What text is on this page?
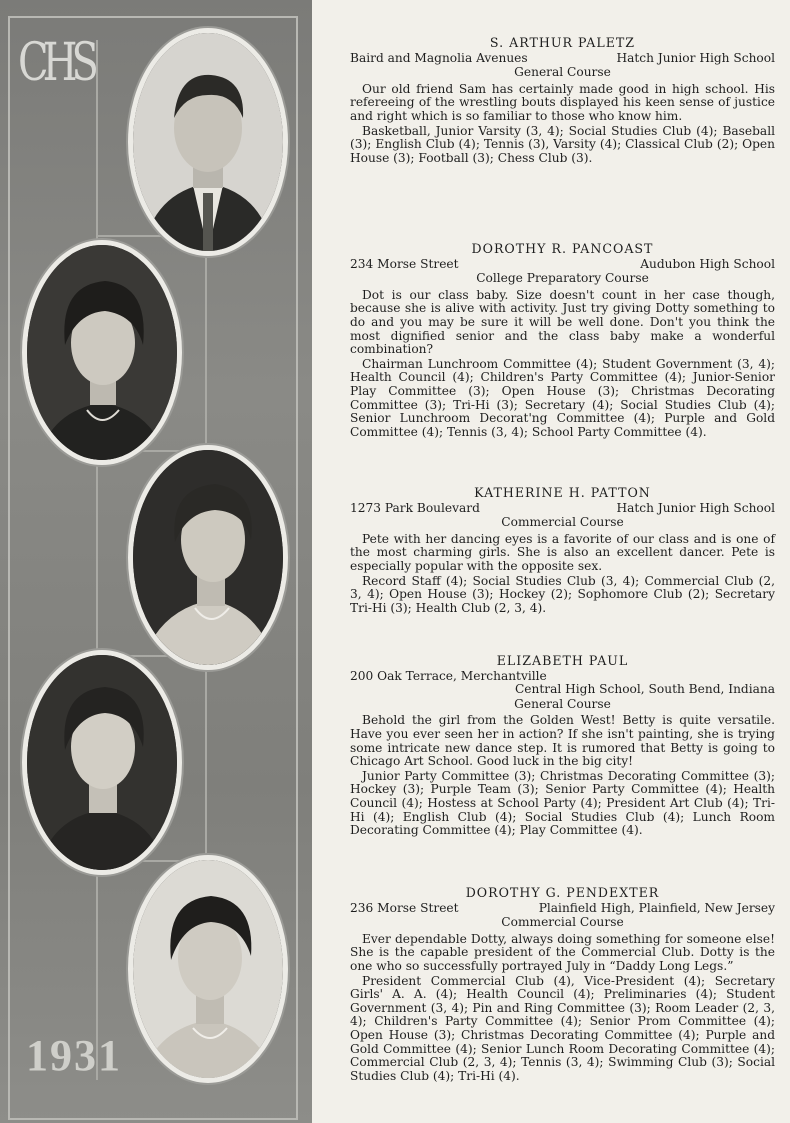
CHS
1931
S. ARTHUR PALETZ
Baird and Magnolia Avenues	Hatch Junior High School
General Course

Our old friend Sam has certainly made good in high school. His refereeing of the wrestling bouts displayed his keen sense of justice and right which is so familiar to those who know him.

Basketball, Junior Varsity (3, 4); Social Studies Club (4); Baseball (3); English Club (4); Tennis (3), Varsity (4); Classical Club (2); Open House (3); Football (3); Chess Club (3).

DOROTHY R. PANCOAST
234 Morse Street	Audubon High School
College Preparatory Course

Dot is our class baby. Size doesn't count in her case though, because she is alive with activity. Just try giving Dotty something to do and you may be sure it will be well done. Don't you think the most dignified senior and the class baby make a wonderful combination?

Chairman Lunchroom Committee (4); Student Government (3, 4); Health Council (4); Children's Party Committee (4); Junior-Senior Play Committee (3); Open House (3); Christmas Decorating Committee (3); Tri-Hi (3); Secretary (4); Social Studies Club (4); Senior Lunchroom Decorat'ng Committee (4); Purple and Gold Committee (4); Tennis (3, 4); School Party Committee (4).

KATHERINE H. PATTON
1273 Park Boulevard	Hatch Junior High School
Commercial Course

Pete with her dancing eyes is a favorite of our class and is one of the most charming girls. She is also an excellent dancer. Pete is especially popular with the opposite sex.

Record Staff (4); Social Studies Club (3, 4); Commercial Club (2, 3, 4); Open House (3); Hockey (2); Sophomore Club (2); Secretary Tri-Hi (3); Health Club (2, 3, 4).

ELIZABETH PAUL
200 Oak Terrace, Merchantville
Central High School, South Bend, Indiana
General Course

Behold the girl from the Golden West! Betty is quite versatile. Have you ever seen her in action? If she isn't painting, she is trying some intricate new dance step. It is rumored that Betty is going to Chicago Art School. Good luck in the big city!

Junior Party Committee (3); Christmas Decorating Committee (3); Hockey (3); Purple Team (3); Senior Party Committee (4); Health Council (4); Hostess at School Party (4); President Art Club (4); Tri-Hi (4); English Club (4); Social Studies Club (4); Lunch Room Decorating Committee (4); Play Committee (4).

DOROTHY G. PENDEXTER
236 Morse Street	Plainfield High, Plainfield, New Jersey
Commercial Course

Ever dependable Dotty, always doing something for someone else! She is the capable president of the Commercial Club. Dotty is the one who so successfully portrayed July in “Daddy Long Legs.”

President Commercial Club (4), Vice-President (4); Secretary Girls' A. A. (4); Health Council (4); Preliminaries (4); Student Government (3, 4); Pin and Ring Committee (3); Room Leader (2, 3, 4); Children's Party Committee (4); Senior Prom Committee (4); Open House (3); Christmas Decorating Committee (4); Purple and Gold Committee (4); Senior Lunch Room Decorating Committee (4); Commercial Club (2, 3, 4); Tennis (3, 4); Swimming Club (3); Social Studies Club (4); Tri-Hi (4).
